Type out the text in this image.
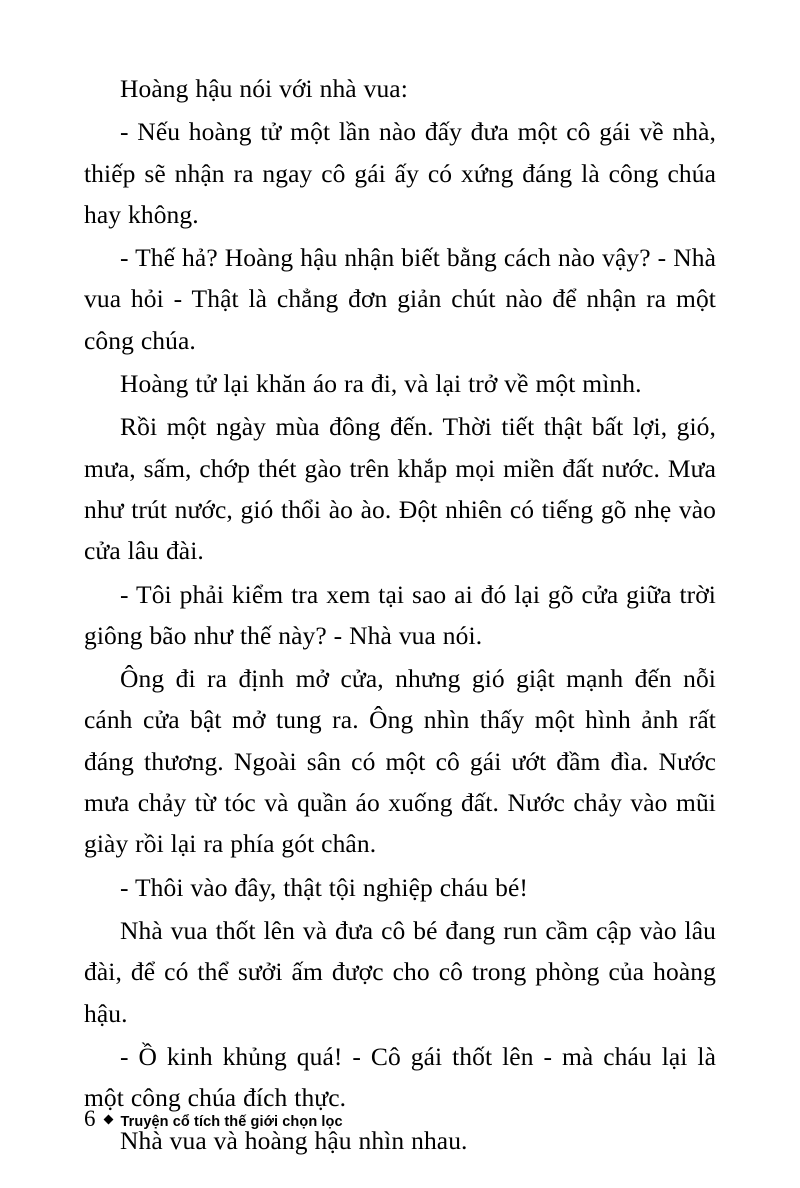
Hoàng hậu nói với nhà vua:

- Nếu hoàng tử một lần nào đấy đưa một cô gái về nhà, thiếp sẽ nhận ra ngay cô gái ấy có xứng đáng là công chúa hay không.

- Thế hả? Hoàng hậu nhận biết bằng cách nào vậy? - Nhà vua hỏi - Thật là chẳng đơn giản chút nào để nhận ra một công chúa.

Hoàng tử lại khăn áo ra đi, và lại trở về một mình.

Rồi một ngày mùa đông đến. Thời tiết thật bất lợi, gió, mưa, sấm, chớp thét gào trên khắp mọi miền đất nước. Mưa như trút nước, gió thổi ào ào. Đột nhiên có tiếng gõ nhẹ vào cửa lâu đài.

- Tôi phải kiểm tra xem tại sao ai đó lại gõ cửa giữa trời giông bão như thế này? - Nhà vua nói.

Ông đi ra định mở cửa, nhưng gió giật mạnh đến nỗi cánh cửa bật mở tung ra. Ông nhìn thấy một hình ảnh rất đáng thương. Ngoài sân có một cô gái ướt đầm đìa. Nước mưa chảy từ tóc và quần áo xuống đất. Nước chảy vào mũi giày rồi lại ra phía gót chân.

- Thôi vào đây, thật tội nghiệp cháu bé!

Nhà vua thốt lên và đưa cô bé đang run cầm cập vào lâu đài, để có thể sưởi ấm được cho cô trong phòng của hoàng hậu.

- Ồ kinh khủng quá! - Cô gái thốt lên - mà cháu lại là một công chúa đích thực.

Nhà vua và hoàng hậu nhìn nhau.

6 Truyện cổ tích thế giới chọn lọc
